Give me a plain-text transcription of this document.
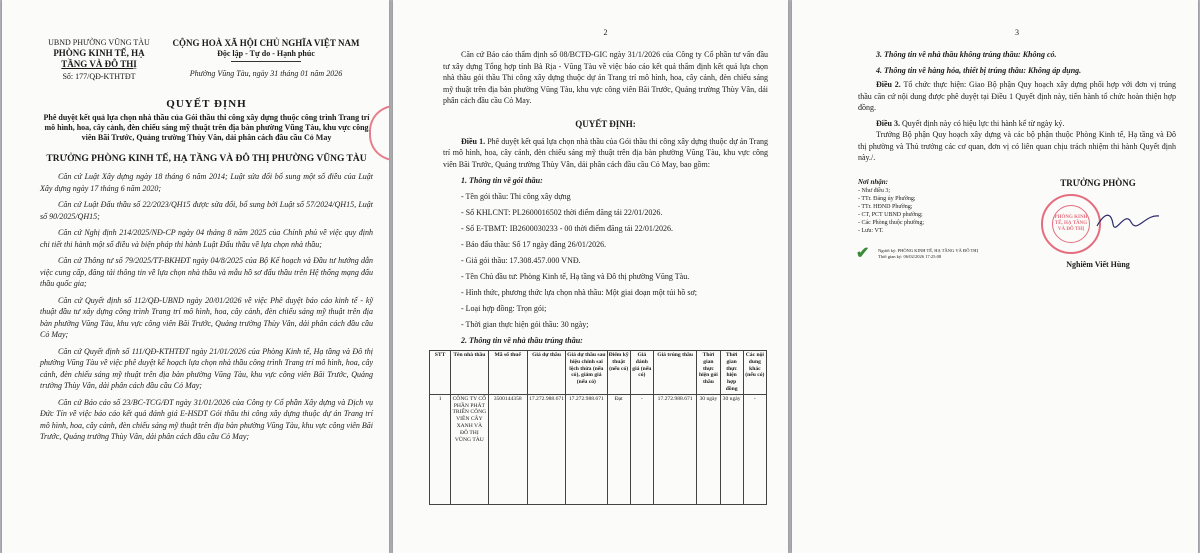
UBND PHƯỜNG VŨNG TÀU
PHÒNG KINH TẾ, HẠ
TẦNG VÀ ĐÔ THỊ
Số: 177/QĐ-KTHTĐT
CỘNG HOÀ XÃ HỘI CHỦ NGHĨA VIỆT NAM
Độc lập - Tự do - Hạnh phúc
Phường Vũng Tàu, ngày 31 tháng 01 năm 2026
QUYẾT ĐỊNH
Phê duyệt kết quả lựa chọn nhà thầu của Gói thầu thi công xây dựng thuộc công trình Trang trí mô hình, hoa, cây cảnh, đèn chiếu sáng mỹ thuật trên địa bàn phường Vũng Tàu, khu vực công viên Bãi Trước, Quảng trường Thùy Vân, dải phân cách đầu cầu Cỏ May
TRƯỞNG PHÒNG KINH TẾ, HẠ TẦNG VÀ ĐÔ THỊ PHƯỜNG VŨNG TÀU
Căn cứ Luật Xây dựng ngày 18 tháng 6 năm 2014; Luật sửa đổi bổ sung một số điều của Luật Xây dựng ngày 17 tháng 6 năm 2020;
Căn cứ Luật Đấu thầu số 22/2023/QH15 được sửa đổi, bổ sung bởi Luật số 57/2024/QH15, Luật số 90/2025/QH15;
Căn cứ Nghị định 214/2025/NĐ-CP ngày 04 tháng 8 năm 2025 của Chính phủ về việc quy định chi tiết thi hành một số điều và biện pháp thi hành Luật Đấu thầu về lựa chọn nhà thầu;
Căn cứ Thông tư số 79/2025/TT-BKHĐT ngày 04/8/2025 của Bộ Kế hoạch và Đầu tư hướng dẫn việc cung cấp, đăng tải thông tin về lựa chọn nhà thầu và mẫu hồ sơ đấu thầu trên Hệ thống mạng đấu thầu quốc gia;
Căn cứ Quyết định số 112/QĐ-UBND ngày 20/01/2026 về việc Phê duyệt báo cáo kinh tế - kỹ thuật đầu tư xây dựng công trình Trang trí mô hình, hoa, cây cảnh, đèn chiếu sáng mỹ thuật trên địa bàn phường Vũng Tàu, khu vực công viên Bãi Trước, Quảng trường Thùy Vân, dải phân cách đầu cầu Cỏ May;
Căn cứ Quyết định số 111/QĐ-KTHTĐT ngày 21/01/2026 của Phòng Kinh tế, Hạ tầng và Đô thị phường Vũng Tàu về việc phê duyệt kế hoạch lựa chọn nhà thầu công trình Trang trí mô hình, hoa, cây cảnh, đèn chiếu sáng mỹ thuật trên địa bàn phường Vũng Tàu, khu vực công viên Bãi Trước, Quảng trường Thùy Vân, dải phân cách đầu cầu Cỏ May;
Căn cứ Báo cáo số 23/BC-TCG/ĐT ngày 31/01/2026 của Công ty Cổ phần Xây dựng và Dịch vụ Đức Tín về việc báo cáo kết quả đánh giá E-HSDT Gói thầu thi công xây dựng thuộc dự án Trang trí mô hình, hoa, cây cảnh, đèn chiếu sáng mỹ thuật trên địa bàn phường Vũng Tàu, khu vực công viên Bãi Trước, Quảng trường Thùy Vân, dải phân cách đầu cầu Cỏ May;
2
Căn cứ Báo cáo thẩm định số 08/BCTĐ-GIC ngày 31/1/2026 của Công ty Cổ phần tư vấn đầu tư xây dựng Tổng hợp tỉnh Bà Rịa - Vũng Tàu về việc báo cáo kết quả thẩm định kết quả lựa chọn nhà thầu gói thầu Thi công xây dựng thuộc dự án Trang trí mô hình, hoa, cây cảnh, đèn chiếu sáng mỹ thuật trên địa bàn phường Vũng Tàu, khu vực công viên Bãi Trước, Quảng trường Thùy Vân, dải phân cách đầu cầu Cỏ May.
QUYẾT ĐỊNH:
Điều 1. Phê duyệt kết quả lựa chọn nhà thầu của Gói thầu thi công xây dựng thuộc dự án Trang trí mô hình, hoa, cây cảnh, đèn chiếu sáng mỹ thuật trên địa bàn phường Vũng Tàu, khu vực công viên Bãi Trước, Quảng trường Thùy Vân, dải phân cách đầu cầu Cỏ May, bao gồm:
1. Thông tin về gói thầu:
- Tên gói thầu: Thi công xây dựng
- Số KHLCNT: PL2600016502 thời điểm đăng tải 22/01/2026.
- Số E-TBMT: IB2600030233 - 00 thời điểm đăng tải 22/01/2026.
- Báo đấu thầu: Số 17 ngày đăng 26/01/2026.
- Giá gói thầu: 17.308.457.000 VNĐ.
- Tên Chủ đầu tư: Phòng Kinh tế, Hạ tầng và Đô thị phường Vũng Tàu.
- Hình thức, phương thức lựa chọn nhà thầu: Một giai đoạn một túi hồ sơ;
- Loại hợp đồng: Trọn gói;
- Thời gian thực hiện gói thầu: 30 ngày;
2. Thông tin về nhà thầu trúng thầu:
STT	Tên nhà thầu	Mã số thuế	Giá dự thầu	Giá dự thầu sau hiệu chỉnh sai lệch thừa (nếu có), giảm giá (nếu có)	Điểm kỹ thuật (nếu có)	Giá đánh giá (nếu có)	Giá trúng thầu	Thời gian thực hiện gói thầu	Thời gian thực hiện hợp đồng	Các nội dung khác (nếu có)
1	CÔNG TY CỔ PHẦN PHÁT TRIỂN CÔNG VIÊN CÂY XANH VÀ ĐÔ THỊ VŨNG TÀU	3500144358	17.272.988.671	17.272.988.671	Đạt	-	17.272.988.671	30 ngày	30 ngày	-
3
3. Thông tin về nhà thầu không trúng thầu: Không có.
4. Thông tin về hàng hóa, thiết bị trúng thầu: Không áp dụng.
Điều 2. Tổ chức thực hiện: Giao Bộ phận Quy hoạch xây dựng phối hợp với đơn vị trúng thầu căn cứ nội dung được phê duyệt tại Điều 1 Quyết định này, tiến hành tổ chức hoàn thiện hợp đồng.
Điều 3. Quyết định này có hiệu lực thi hành kể từ ngày ký.
Trưởng Bộ phận Quy hoạch xây dựng và các bộ phận thuộc Phòng Kinh tế, Hạ tầng và Đô thị phường và Thủ trưởng các cơ quan, đơn vị có liên quan chịu trách nhiệm thi hành Quyết định này./.
Nơi nhận:
- Như điều 3;
- TTr. Đảng ủy Phường;
- TTr. HĐND Phường;
- CT, PCT UBND phường;
- Các Phòng thuộc phường;
- Lưu: VT.
✔ Người ký: PHÒNG KINH TẾ, HẠ TẦNG VÀ ĐÔ THỊ
Thời gian ký: 06/02/2026 17:25:08
TRƯỞNG PHÒNG
PHÒNG KINH TẾ, HẠ TẦNG VÀ ĐÔ THỊ
Nghiêm Viết Hùng
